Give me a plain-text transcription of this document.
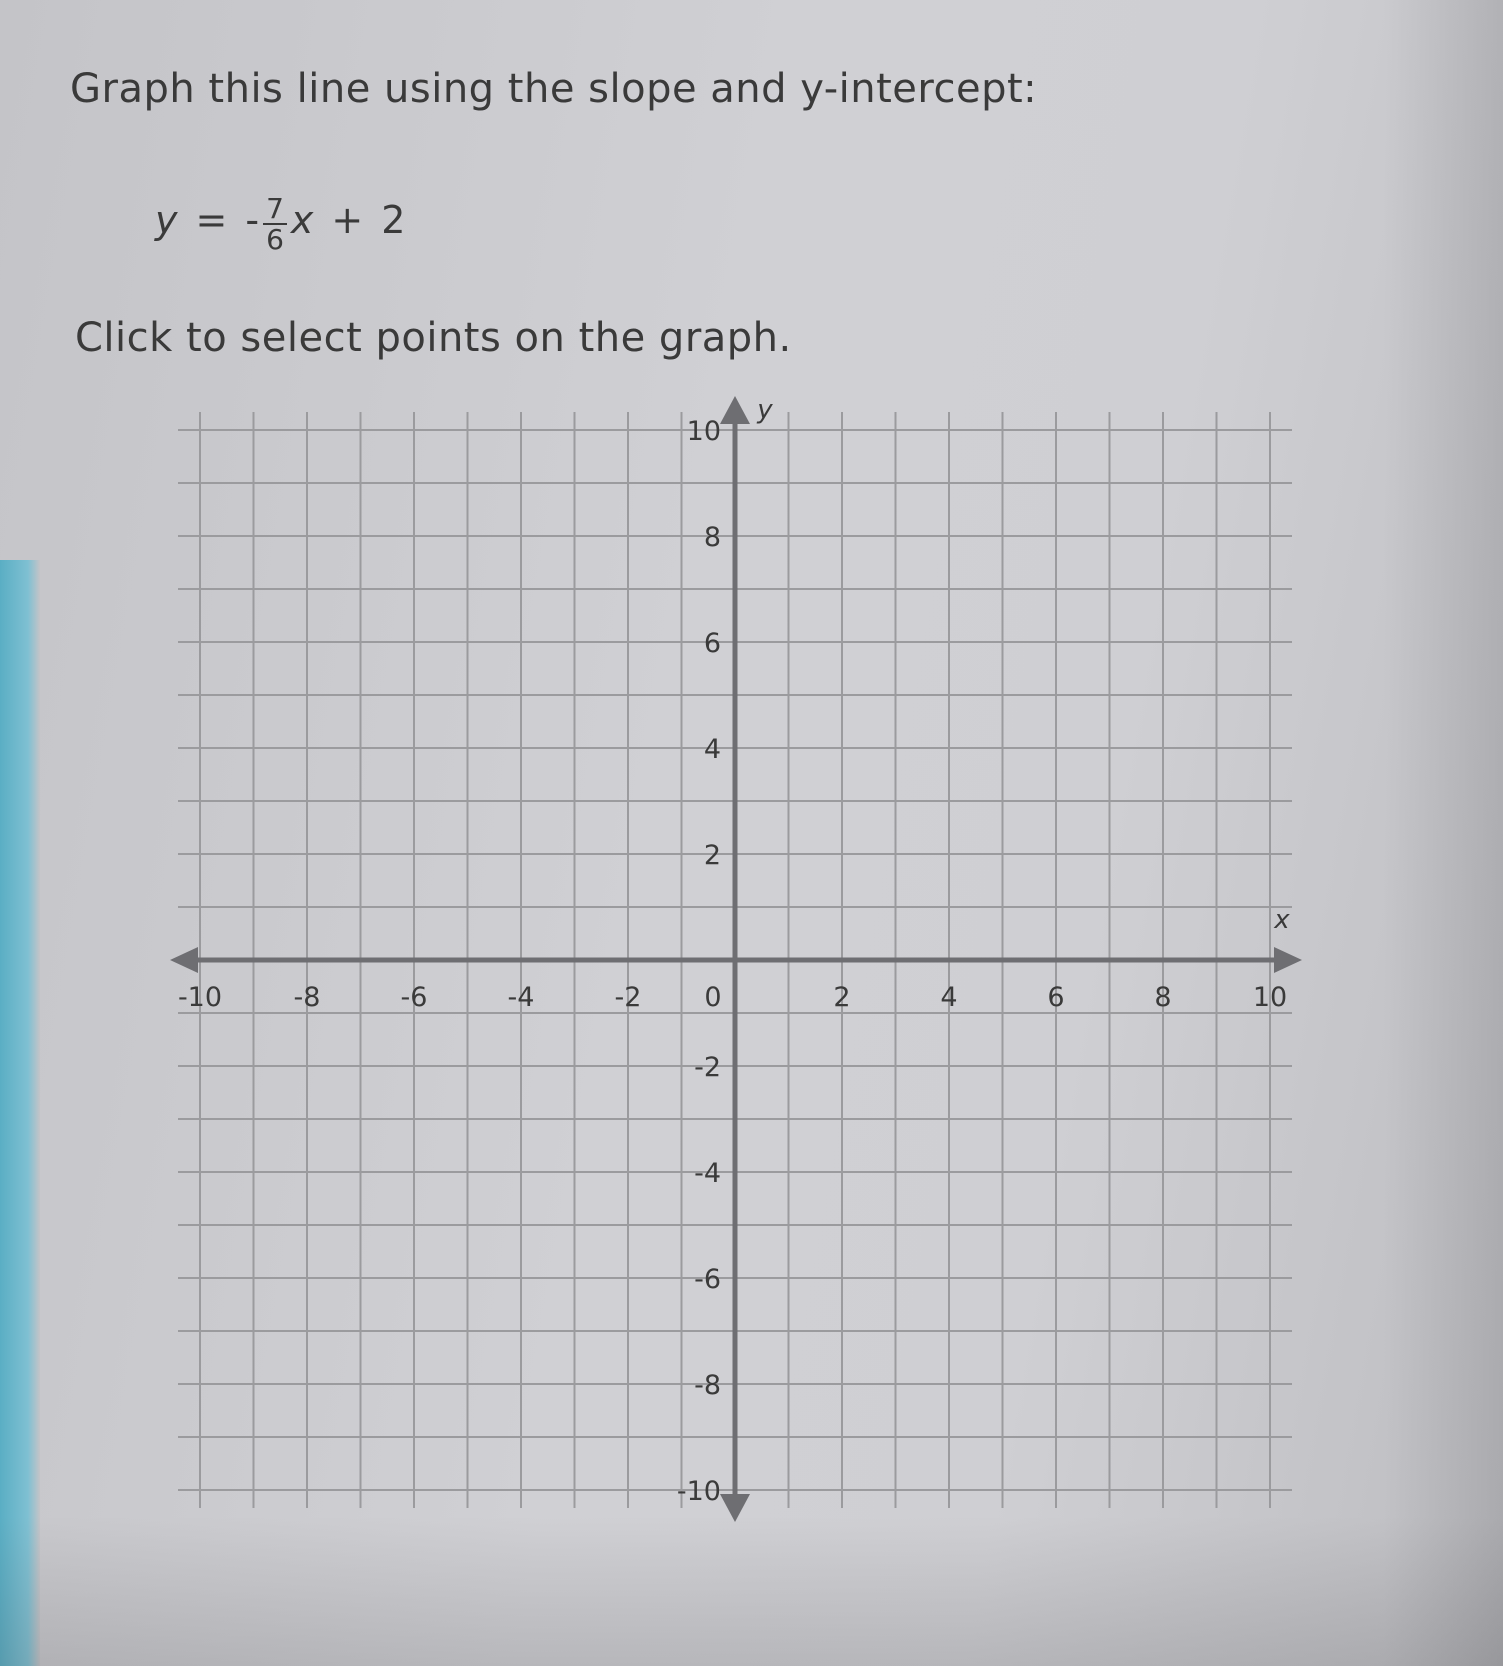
Graph this line using the slope and y-intercept:
y = - $\frac{7}{6}$ x + 2
Click to select points on the graph.
-10	-8	-6	-4	-2 0	2	4	6	8	10
10
8
6
4
2
-2
-4
-6
-8
-10
x
y
